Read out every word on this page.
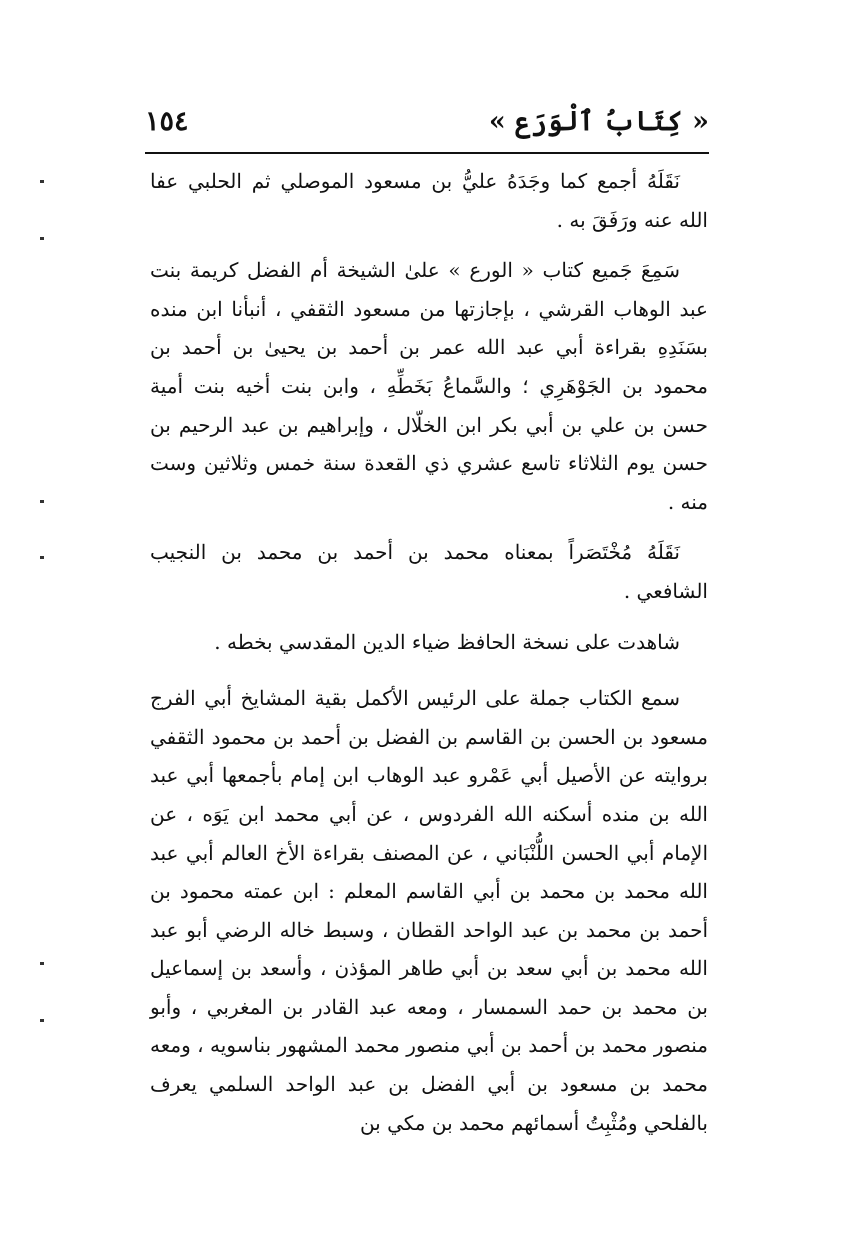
١٥٤	« كِتَابُ ٱلْوَرَع »

نَقَلَهُ أجمع كما وجَدَهُ عليُّ بن مسعود الموصلي ثم الحلبي عفا الله عنه ورَفَقَ به .

سَمِعَ جَميع كتاب « الورع » علىٰ الشيخة أم الفضل كريمة بنت عبد الوهاب القرشي ، بإجازتها من مسعود الثقفي ، أنبأنا ابن منده بسَنَدِهِ بقراءة أبي عبد الله عمر بن أحمد بن يحيىٰ بن أحمد بن محمود بن الجَوْهَرِي ؛ والسَّماعُ بَخَطِّهِ ، وابن بنت أخيه بنت أمية حسن بن علي بن أبي بكر ابن الخلّال ، وإبراهيم بن عبد الرحيم بن حسن يوم الثلاثاء تاسع عشري ذي القعدة سنة خمس وثلاثين وست منه .

نَقَلَهُ مُخْتَصَراً بمعناه محمد بن أحمد بن محمد بن النجيب الشافعي .

شاهدت على نسخة الحافظ ضياء الدين المقدسي بخطه .

سمع الكتاب جملة على الرئيس الأكمل بقية المشايخ أبي الفرج مسعود بن الحسن بن القاسم بن الفضل بن أحمد بن محمود الثقفي بروايته عن الأصيل أبي عَمْرو عبد الوهاب ابن إمام بأجمعها أبي عبد الله بن منده أسكنه الله الفردوس ، عن أبي محمد ابن يَوَه ، عن الإمام أبي الحسن اللُّنْبَاني ، عن المصنف بقراءة الأخ العالم أبي عبد الله محمد بن محمد بن أبي القاسم المعلم : ابن عمته محمود بن أحمد بن محمد بن عبد الواحد القطان ، وسبط خاله الرضي أبو عبد الله محمد بن أبي سعد بن أبي طاهر المؤذن ، وأسعد بن إسماعيل بن محمد بن حمد السمسار ، ومعه عبد القادر بن المغربي ، وأبو منصور محمد بن أحمد بن أبي منصور محمد المشهور بناسويه ، ومعه محمد بن مسعود بن أبي الفضل بن عبد الواحد السلمي يعرف بالفلحي ومُثْبِتُ أسمائهم محمد بن مكي بن
